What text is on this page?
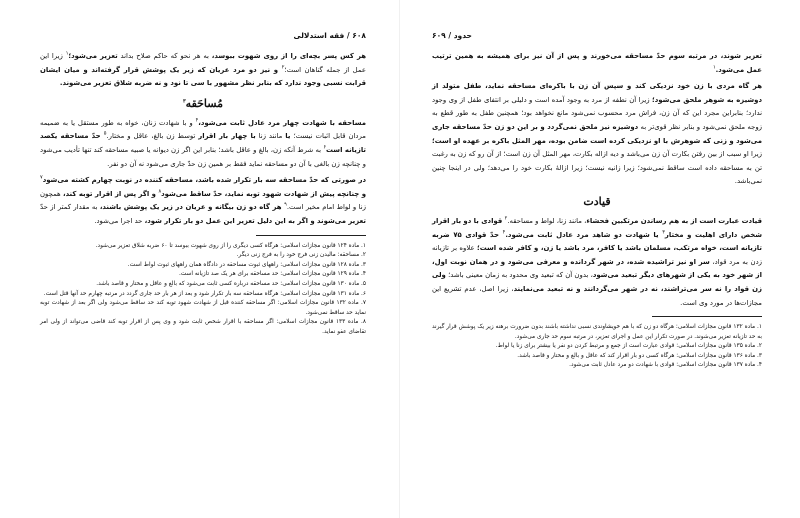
حدود / ۶۰۹

تعزیر شوند، در مرتبه سوم حدّ مساحقه می‌خورند و پس از آن نیز برای همیشه به همین ترتیب عمل می‌شود.$^۱$

هر گاه مردی با زن خود نزدیکی کند و سپس آن زن با باکره‌ای مساحقه نماید، طفل متولد از دوشیزه به شوهر ملحق می‌شود؛ زیرا آن نطفه از مرد به وجود آمده است و دلیلی بر انتفای طفل از وی وجود ندارد؛ بنابراین مجرد این که آن زن، فراش مرد محسوب نمی‌شود مانع نخواهد بود؛ همچنین طفل به طور قطع به زوجه ملحق نمی‌شود و بنابر نظر قوی‌تر به دوشیزه نیز ملحق نمی‌گردد و بر این دو زن حدّ مساحقه جاری می‌شود و زنی که شوهرش با او نزدیکی کرده است ضامن بوده، مهر المثل باکره بر عهده او است؛ زیرا او سبب از بین رفتن بکارت آن زن می‌باشد و دیه ازاله بکارت، مهر المثل آن زن است؛ از آن رو که زن به رغبت تن به مساحقه داده است ساقط نمی‌شود؛ زیرا زانیه نیست؛ زیرا ازالهٔ بکارت خود را می‌دهد؛ ولی در اینجا چنین نمی‌باشد.

قیادت

قیادت عبارت است از به هم رساندن مرتکبین فحشاء، مانند زنا، لواط و مساحقه.$^۲$ قوادی با دو بار اقرار شخص دارای اهلیت و مختار$^۳$ یا شهادت دو شاهد مرد عادل ثابت می‌شود.$^۴$ حدّ قوادی ۷۵ ضربه تازیانه است، خواه مرتکب، مسلمان باشد یا کافر، مرد باشد یا زن، و کافر شده است؛ علاوه بر تازیانه زدن به مرد قواد، سر او نیز تراشیده شده، در شهر گردانده و معرفی می‌شود و در همان نوبت اول، از شهر خود به یکی از شهرهای دیگر تبعید می‌شود، بدون آن که تبعید وی محدود به زمان معینی باشد؛ ولی زن قواد را نه سر می‌تراشند، نه در شهر می‌گردانند و نه تبعید می‌نمایند، زیرا اصل، عدم تشریع این مجازات‌ها در مورد وی است.

۱. ماده ۱۳۲ قانون مجازات اسلامی: هرگاه دو زن که با هم خویشاوندی نسبی نداشته باشند بدون ضرورت برهنه زیر یک پوشش قرار گیرند به حد تازیانه تعزیر می‌شوند. در صورت تکرار این عمل و اجرای تعزیر، در مرتبه سوم حد جاری می‌شود.
۲. ماده ۱۳۵ قانون مجازات اسلامی: قوادی عبارت است از جمع و مرتبط کردن دو نفر یا بیشتر برای زنا یا لواط.
۳. ماده ۱۳۶ قانون مجازات اسلامی: هرگاه کسی دو بار اقرار کند که عاقل و بالغ و مختار و قاصد باشد.
۴. ماده ۱۳۷ قانون مجازات اسلامی: قوادی با شهادت دو مرد عادل ثابت می‌شود.
۶۰۸ / فقه استدلالی

هر کس پسر بچه‌ای را از روی شهوت ببوسد، به هر نحو که حاکم صلاح بداند تعزیر می‌شود؛$^۱$ زیرا این عمل از جمله گناهان است؛$^۲$ و نیز دو مرد عریان که زیر یک پوشش قرار گرفته‌اند و میان ایشان قرابت نسبی وجود ندارد که بنابر نظر مشهور با سی تا نود و نه ضربه شلاق تعزیر می‌شوند.

مُساحَقه$^۳$

مساحقه با شهادت چهار مرد عادل ثابت می‌شود،$^۴$ و با شهادت زنان، خواه به طور مستقل یا به ضمیمه مردان قابل اثبات نیست؛ یا مانند زنا با چهار بار اقرار توسط زن بالغ، عاقل و مختار.$^۵$ حدّ مساحقه یکصد تازیانه است$^۶$ به شرط آنکه زن، بالغ و عاقل باشد؛ بنابر این اگر زن دیوانه یا صبیه مساحقه کند تنها تأدیب می‌شود و چنانچه زن بالغی با آن دو مساحقه نماید فقط بر همین زن حدّ جاری می‌شود نه آن دو نفر.

در صورتی که حدّ مساحقه سه بار تکرار شده باشد، مساحقه کننده در نوبت چهارم کشته می‌شود$^۷$ و چنانچه پیش از شهادت شهود توبه نماید، حدّ ساقط می‌شود$^۸$ و اگر پس از اقرار توبه کند، همچون زنا و لواط امام مخیر است.$^۹$ هر گاه دو زن بیگانه و عریان در زیر یک پوشش باشند، به مقدار کمتر از حدّ تعزیر می‌شوند و اگر به این دلیل تعزیر این عمل دو بار تکرار شود، حد اجرا می‌شود.

۱. ماده ۱۲۴ قانون مجازات اسلامی: هرگاه کسی دیگری را از روی شهوت ببوسد تا ۶۰ ضربه شلاق تعزیر می‌شود.
۲. مساحقه: مالیدن زنی فرج خود را به فرج زنی دیگر.
۳. ماده ۱۲۸ قانون مجازات اسلامی: راههای ثبوت مساحقه در دادگاه همان راههای ثبوت لواط است.
۴. ماده ۱۲۹ قانون مجازات اسلامی: حد مساحقه برای هر یک صد تازیانه است.
۵. ماده ۱۳۰ قانون مجازات اسلامی: حد مساحقه درباره کسی ثابت می‌شود که بالغ و عاقل و مختار و قاصد باشد.
۶. ماده ۱۳۱ قانون مجازات اسلامی: هرگاه مساحقه سه بار تکرار شود و بعد از هر بار حد جاری گردد در مرتبه چهارم حد آنها قتل است.
۷. ماده ۱۳۲ قانون مجازات اسلامی: اگر مساحقه کننده قبل از شهادت شهود توبه کند حد ساقط می‌شود ولی اگر بعد از شهادت توبه نماید حد ساقط نمی‌شود.
۸. ماده ۱۳۳ قانون مجازات اسلامی: اگر مساحقه با اقرار شخص ثابت شود و وی پس از اقرار توبه کند قاضی می‌تواند از ولی امر تقاضای عفو نماید.
